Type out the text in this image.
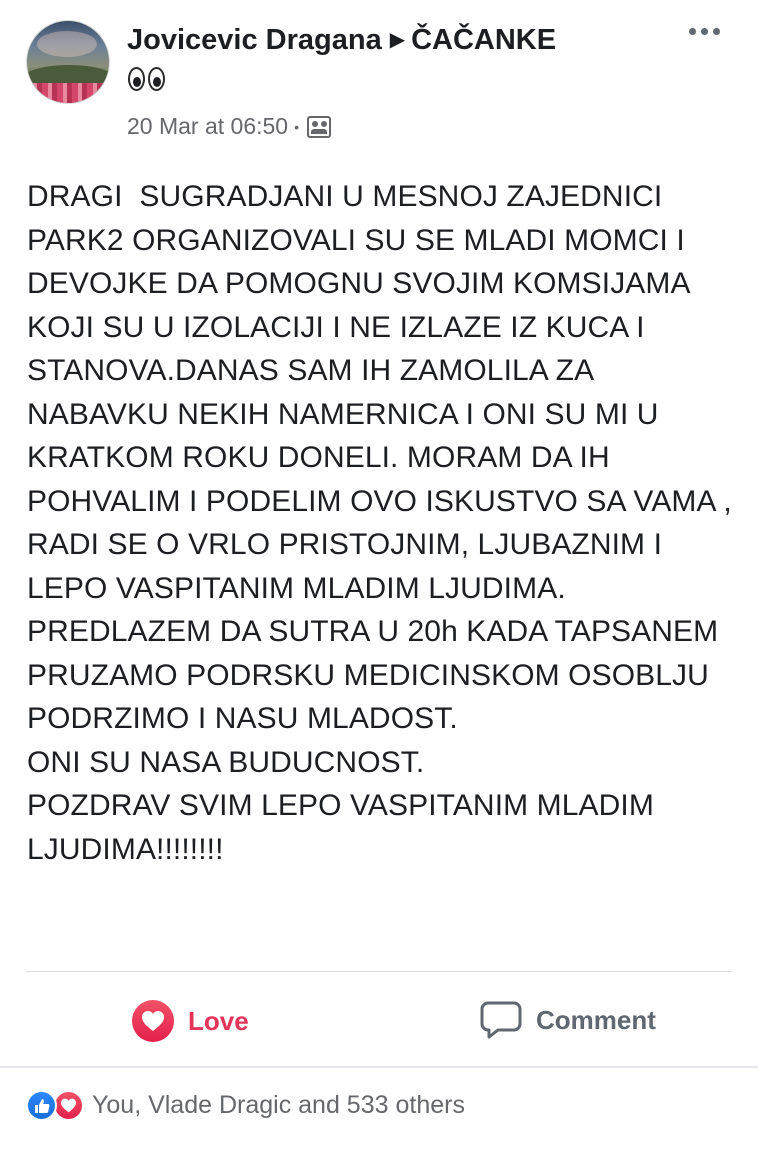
Jovicevic Dragana ▶ ČAČANKE
20 Mar at 06:50 •
DRAGI  SUGRADJANI U MESNOJ ZAJEDNICI PARK2 ORGANIZOVALI SU SE MLADI MOMCI I DEVOJKE DA POMOGNU SVOJIM KOMSIJAMA KOJI SU U IZOLACIJI I NE IZLAZE IZ KUCA I STANOVA.DANAS SAM IH ZAMOLILA ZA NABAVKU NEKIH NAMERNICA I ONI SU MI U KRATKOM ROKU DONELI. MORAM DA IH POHVALIM I PODELIM OVO ISKUSTVO SA VAMA , RADI SE O VRLO PRISTOJNIM, LJUBAZNIM I LEPO VASPITANIM MLADIM LJUDIMA.
PREDLAZEM DA SUTRA U 20h KADA TAPSANEM PRUZAMO PODRSKU MEDICINSKOM OSOBLJU PODRZIMO I NASU MLADOST.
ONI SU NASA BUDUCNOST.
POZDRAV SVIM LEPO VASPITANIM MLADIM LJUDIMA!!!!!!!!
Love	Comment
You, Vlade Dragic and 533 others
